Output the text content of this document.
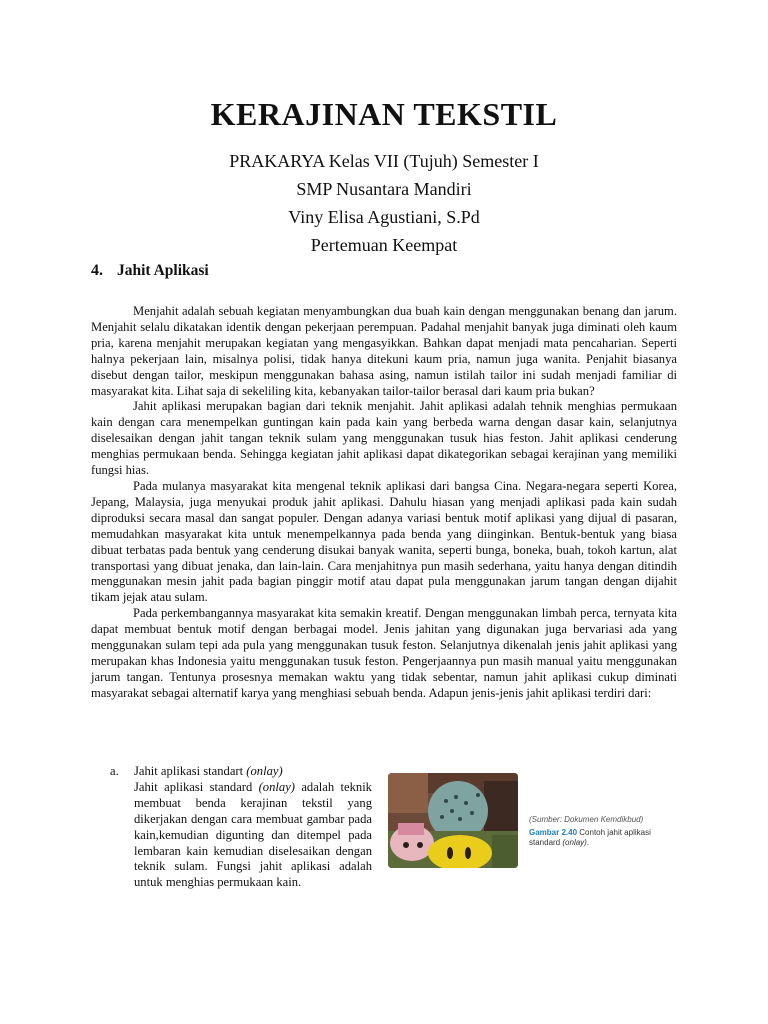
KERAJINAN TEKSTIL
PRAKARYA Kelas VII (Tujuh) Semester I
SMP Nusantara Mandiri
Viny Elisa Agustiani, S.Pd
Pertemuan Keempat
4. Jahit Aplikasi

Menjahit adalah sebuah kegiatan menyambungkan dua buah kain dengan menggunakan benang dan jarum. Menjahit selalu dikatakan identik dengan pekerjaan perempuan. Padahal menjahit banyak juga diminati oleh kaum pria, karena menjahit merupakan kegiatan yang mengasyikkan. Bahkan dapat menjadi mata pencaharian. Seperti halnya pekerjaan lain, misalnya polisi, tidak hanya ditekuni kaum pria, namun juga wanita. Penjahit biasanya disebut dengan tailor, meskipun menggunakan bahasa asing, namun istilah tailor ini sudah menjadi familiar di masyarakat kita. Lihat saja di sekeliling kita, kebanyakan tailor-tailor berasal dari kaum pria bukan?

Jahit aplikasi merupakan bagian dari teknik menjahit. Jahit aplikasi adalah tehnik menghias permukaan kain dengan cara menempelkan guntingan kain pada kain yang berbeda warna dengan dasar kain, selanjutnya diselesaikan dengan jahit tangan teknik sulam yang menggunakan tusuk hias feston. Jahit aplikasi cenderung menghias permukaan benda. Sehingga kegiatan jahit aplikasi dapat dikategorikan sebagai kerajinan yang memiliki fungsi hias.

Pada mulanya masyarakat kita mengenal teknik aplikasi dari bangsa Cina. Negara-negara seperti Korea, Jepang, Malaysia, juga menyukai produk jahit aplikasi. Dahulu hiasan yang menjadi aplikasi pada kain sudah diproduksi secara masal dan sangat populer. Dengan adanya variasi bentuk motif aplikasi yang dijual di pasaran, memudahkan masyarakat kita untuk menempelkannya pada benda yang diinginkan. Bentuk-bentuk yang biasa dibuat terbatas pada bentuk yang cenderung disukai banyak wanita, seperti bunga, boneka, buah, tokoh kartun, alat transportasi yang dibuat jenaka, dan lain-lain. Cara menjahitnya pun masih sederhana, yaitu hanya dengan ditindih menggunakan mesin jahit pada bagian pinggir motif atau dapat pula menggunakan jarum tangan dengan dijahit tikam jejak atau sulam.

Pada perkembangannya masyarakat kita semakin kreatif. Dengan menggunakan limbah perca, ternyata kita dapat membuat bentuk motif dengan berbagai model. Jenis jahitan yang digunakan juga bervariasi ada yang menggunakan sulam tepi ada pula yang menggunakan tusuk feston. Selanjutnya dikenalah jenis jahit aplikasi yang merupakan khas Indonesia yaitu menggunakan tusuk feston. Pengerjaannya pun masih manual yaitu menggunakan jarum tangan. Tentunya prosesnya memakan waktu yang tidak sebentar, namun jahit aplikasi cukup diminati masyarakat sebagai alternatif karya yang menghiasi sebuah benda. Adapun jenis-jenis jahit aplikasi terdiri dari:

a. Jahit aplikasi standart (onlay)
Jahit aplikasi standard (onlay) adalah teknik membuat benda kerajinan tekstil yang dikerjakan dengan cara membuat gambar pada kain,kemudian digunting dan ditempel pada lembaran kain kemudian diselesaikan dengan teknik sulam. Fungsi jahit aplikasi adalah untuk menghias permukaan kain.
(Sumber: Dokumen Kemdikbud)
Gambar 2.40 Contoh jahit aplikasi standard (onlay).
